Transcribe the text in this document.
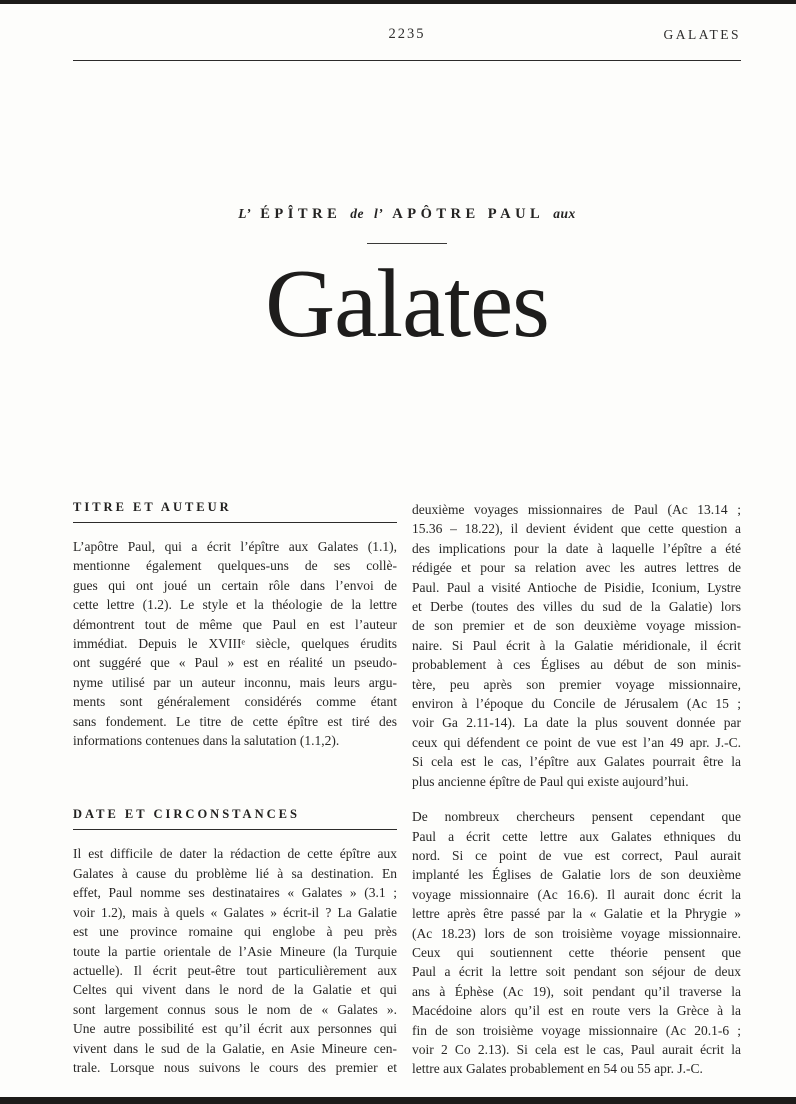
2235	GALATES
L’ ÉPÎTRE de l’ APÔTRE PAUL aux
Galates
TITRE ET AUTEUR
L’apôtre Paul, qui a écrit l’épître aux Galates (1.1),
mentionne également quelques-uns de ses collè-
gues qui ont joué un certain rôle dans l’envoi de
cette lettre (1.2). Le style et la théologie de la lettre
démontrent tout de même que Paul en est l’auteur
immédiat. Depuis le XVIIIᵉ siècle, quelques érudits
ont suggéré que « Paul » est en réalité un pseudo-
nyme utilisé par un auteur inconnu, mais leurs argu-
ments sont généralement considérés comme étant
sans fondement. Le titre de cette épître est tiré des
informations contenues dans la salutation (1.1,2).
DATE ET CIRCONSTANCES
Il est difficile de dater la rédaction de cette épître aux
Galates à cause du problème lié à sa destination. En
effet, Paul nomme ses destinataires « Galates » (3.1 ;
voir 1.2), mais à quels « Galates » écrit-il ? La Galatie
est une province romaine qui englobe à peu près
toute la partie orientale de l’Asie Mineure (la Turquie
actuelle). Il écrit peut-être tout particulièrement aux
Celtes qui vivent dans le nord de la Galatie et qui
sont largement connus sous le nom de « Galates ».
Une autre possibilité est qu’il écrit aux personnes qui
vivent dans le sud de la Galatie, en Asie Mineure cen-
trale. Lorsque nous suivons le cours des premier et
deuxième voyages missionnaires de Paul (Ac 13.14 ;
15.36 – 18.22), il devient évident que cette question a
des implications pour la date à laquelle l’épître a été
rédigée et pour sa relation avec les autres lettres de
Paul. Paul a visité Antioche de Pisidie, Iconium, Lystre
et Derbe (toutes des villes du sud de la Galatie) lors
de son premier et de son deuxième voyage mission-
naire. Si Paul écrit à la Galatie méridionale, il écrit
probablement à ces Églises au début de son minis-
tère, peu après son premier voyage missionnaire,
environ à l’époque du Concile de Jérusalem (Ac 15 ;
voir Ga 2.11-14). La date la plus souvent donnée par
ceux qui défendent ce point de vue est l’an 49 apr. J.-C.
Si cela est le cas, l’épître aux Galates pourrait être la
plus ancienne épître de Paul qui existe aujourd’hui.
De nombreux chercheurs pensent cependant que
Paul a écrit cette lettre aux Galates ethniques du
nord. Si ce point de vue est correct, Paul aurait
implanté les Églises de Galatie lors de son deuxième
voyage missionnaire (Ac 16.6). Il aurait donc écrit la
lettre après être passé par la « Galatie et la Phrygie »
(Ac 18.23) lors de son troisième voyage missionnaire.
Ceux qui soutiennent cette théorie pensent que
Paul a écrit la lettre soit pendant son séjour de deux
ans à Éphèse (Ac 19), soit pendant qu’il traverse la
Macédoine alors qu’il est en route vers la Grèce à la
fin de son troisième voyage missionnaire (Ac 20.1-6 ;
voir 2 Co 2.13). Si cela est le cas, Paul aurait écrit la
lettre aux Galates probablement en 54 ou 55 apr. J.-C.
